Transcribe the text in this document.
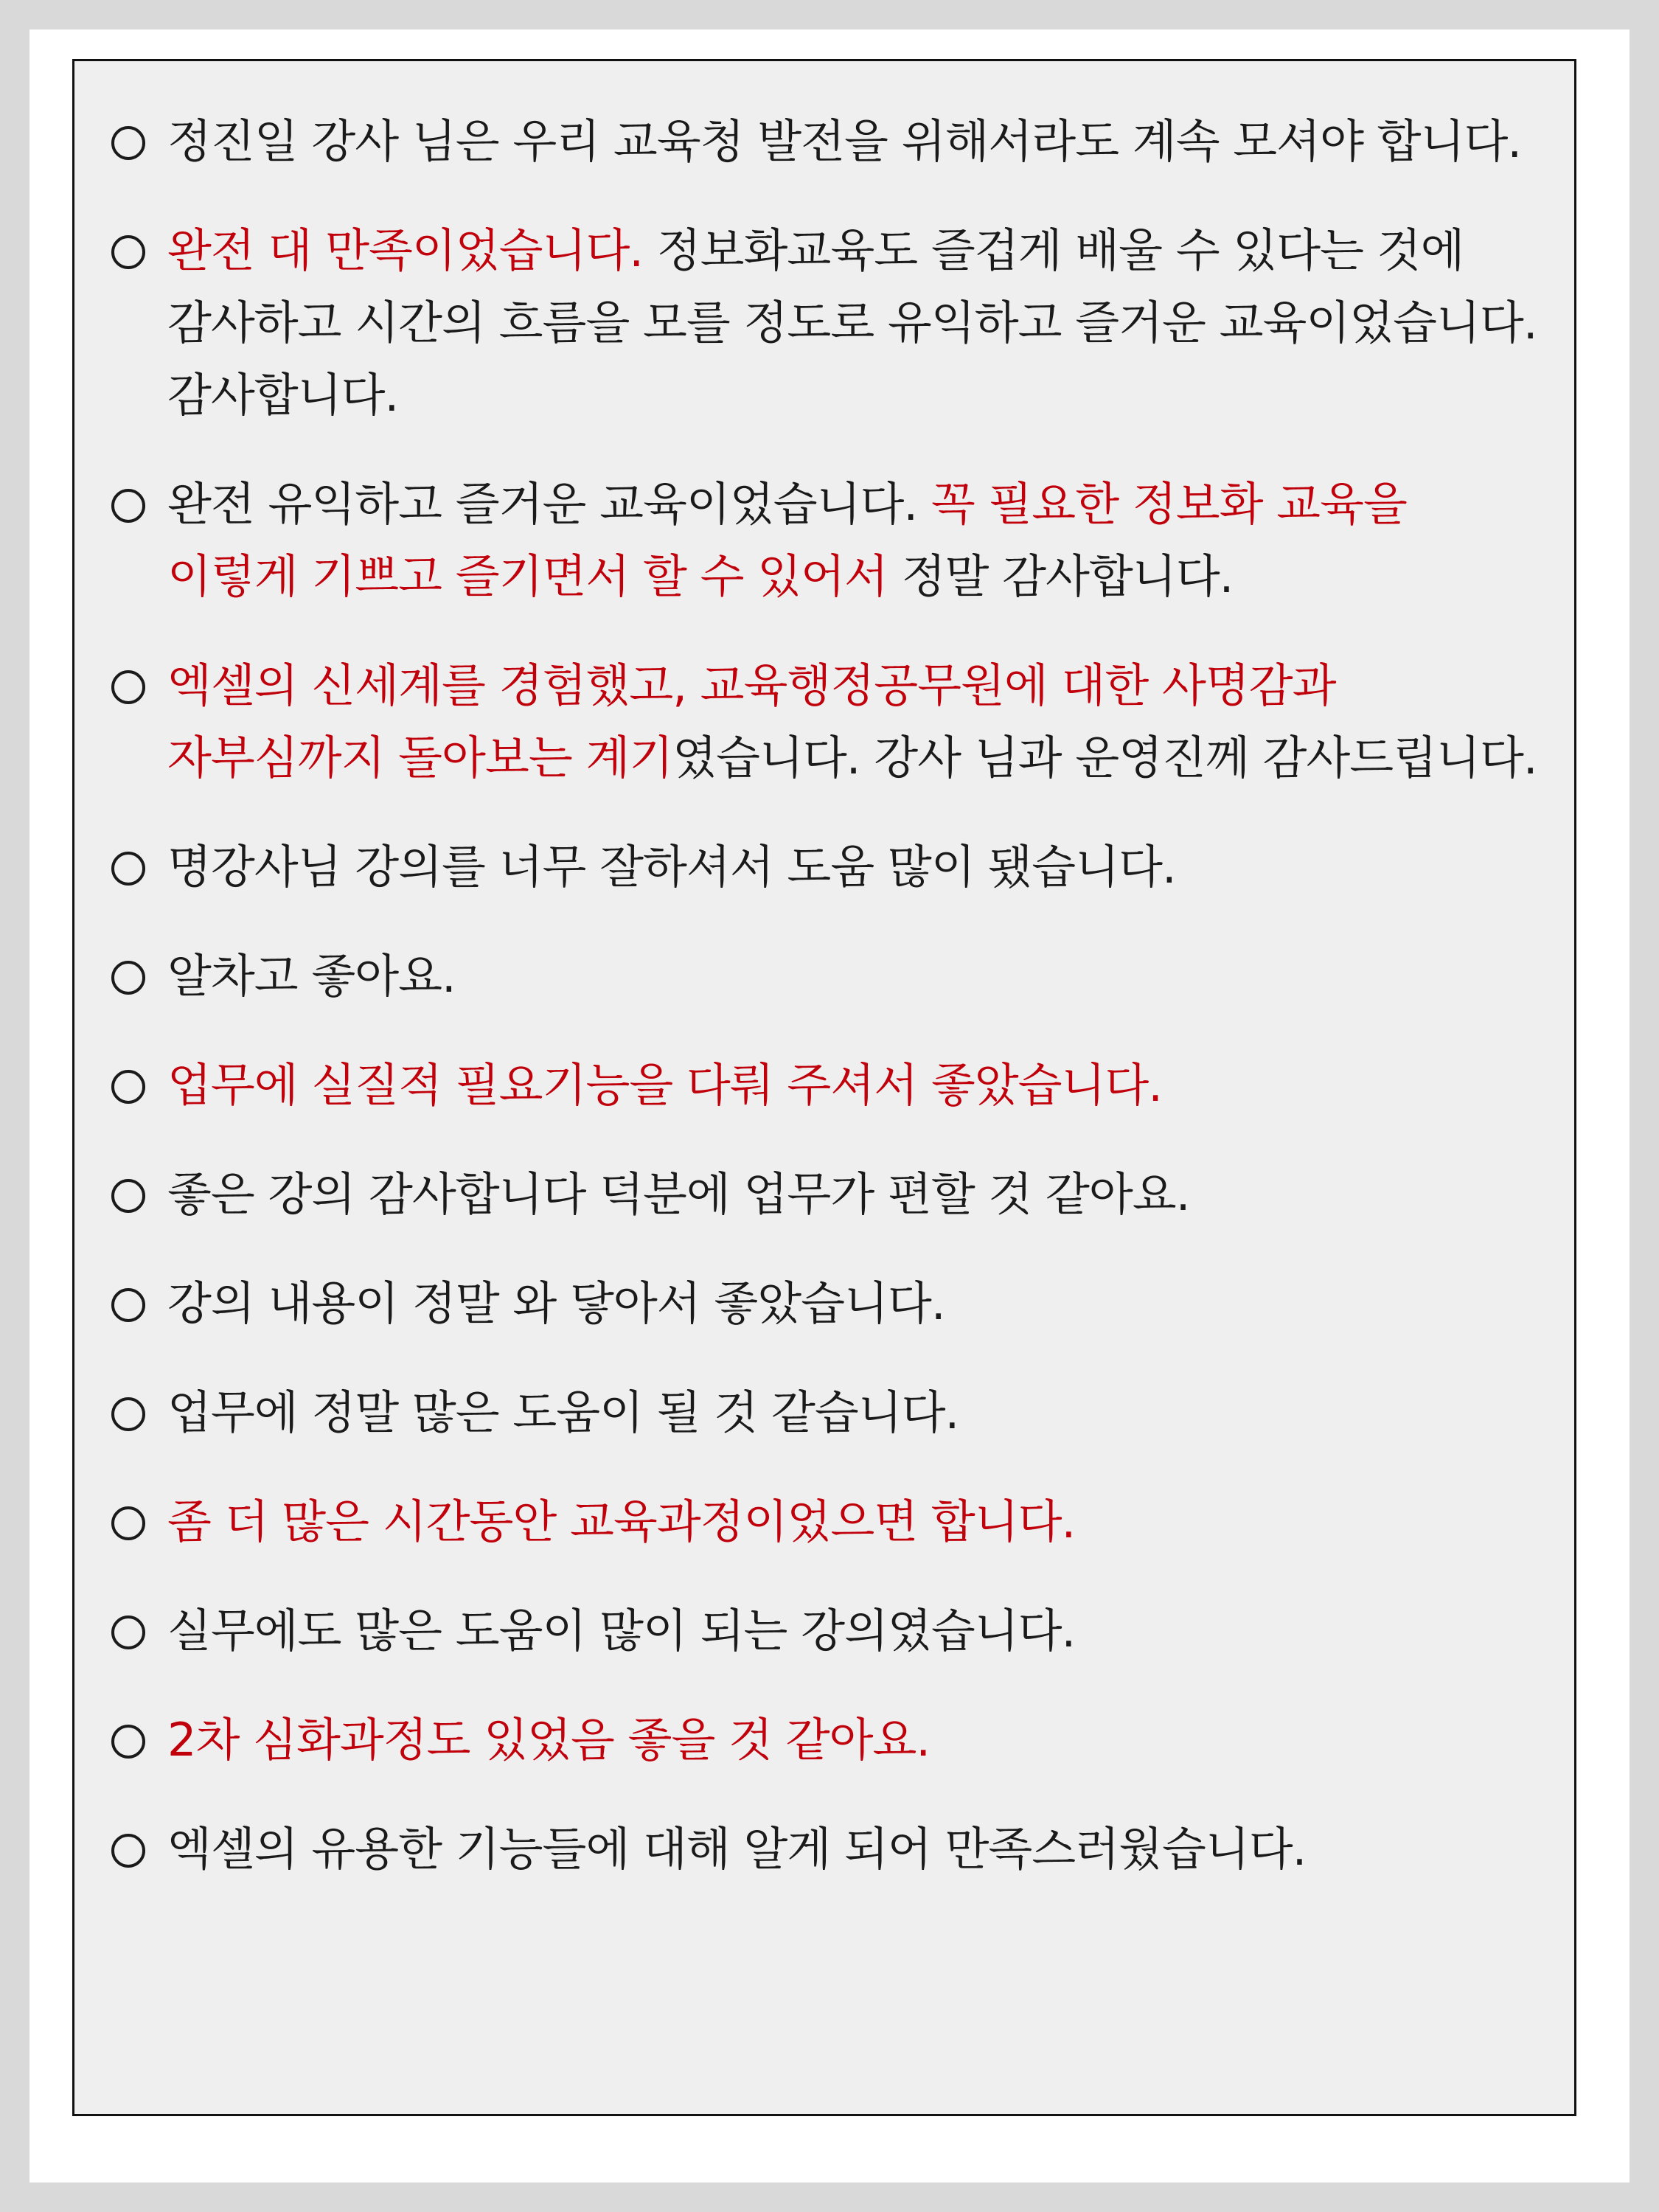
정진일 강사 님은 우리 교육청 발전을 위해서라도 계속 모셔야 합니다.
완전 대 만족이었습니다. 정보화교육도 즐겁게 배울 수 있다는 것에 감사하고 시간의 흐름을 모를 정도로 유익하고 즐거운 교육이었습니다. 감사합니다.
완전 유익하고 즐거운 교육이었습니다. 꼭 필요한 정보화 교육을 이렇게 기쁘고 즐기면서 할 수 있어서 정말 감사합니다.
엑셀의 신세계를 경험했고, 교육행정공무원에 대한 사명감과 자부심까지 돌아보는 계기였습니다. 강사 님과 운영진께 감사드립니다.
명강사님 강의를 너무 잘하셔서 도움 많이 됐습니다.
알차고 좋아요.
업무에 실질적 필요기능을 다뤄 주셔서 좋았습니다.
좋은 강의 감사합니다 덕분에 업무가 편할 것 같아요.
강의 내용이 정말 와 닿아서 좋았습니다.
업무에 정말 많은 도움이 될 것 같습니다.
좀 더 많은 시간동안 교육과정이었으면 합니다.
실무에도 많은 도움이 많이 되는 강의였습니다.
2차 심화과정도 있었음 좋을 것 같아요.
엑셀의 유용한 기능들에 대해 알게 되어 만족스러웠습니다.
